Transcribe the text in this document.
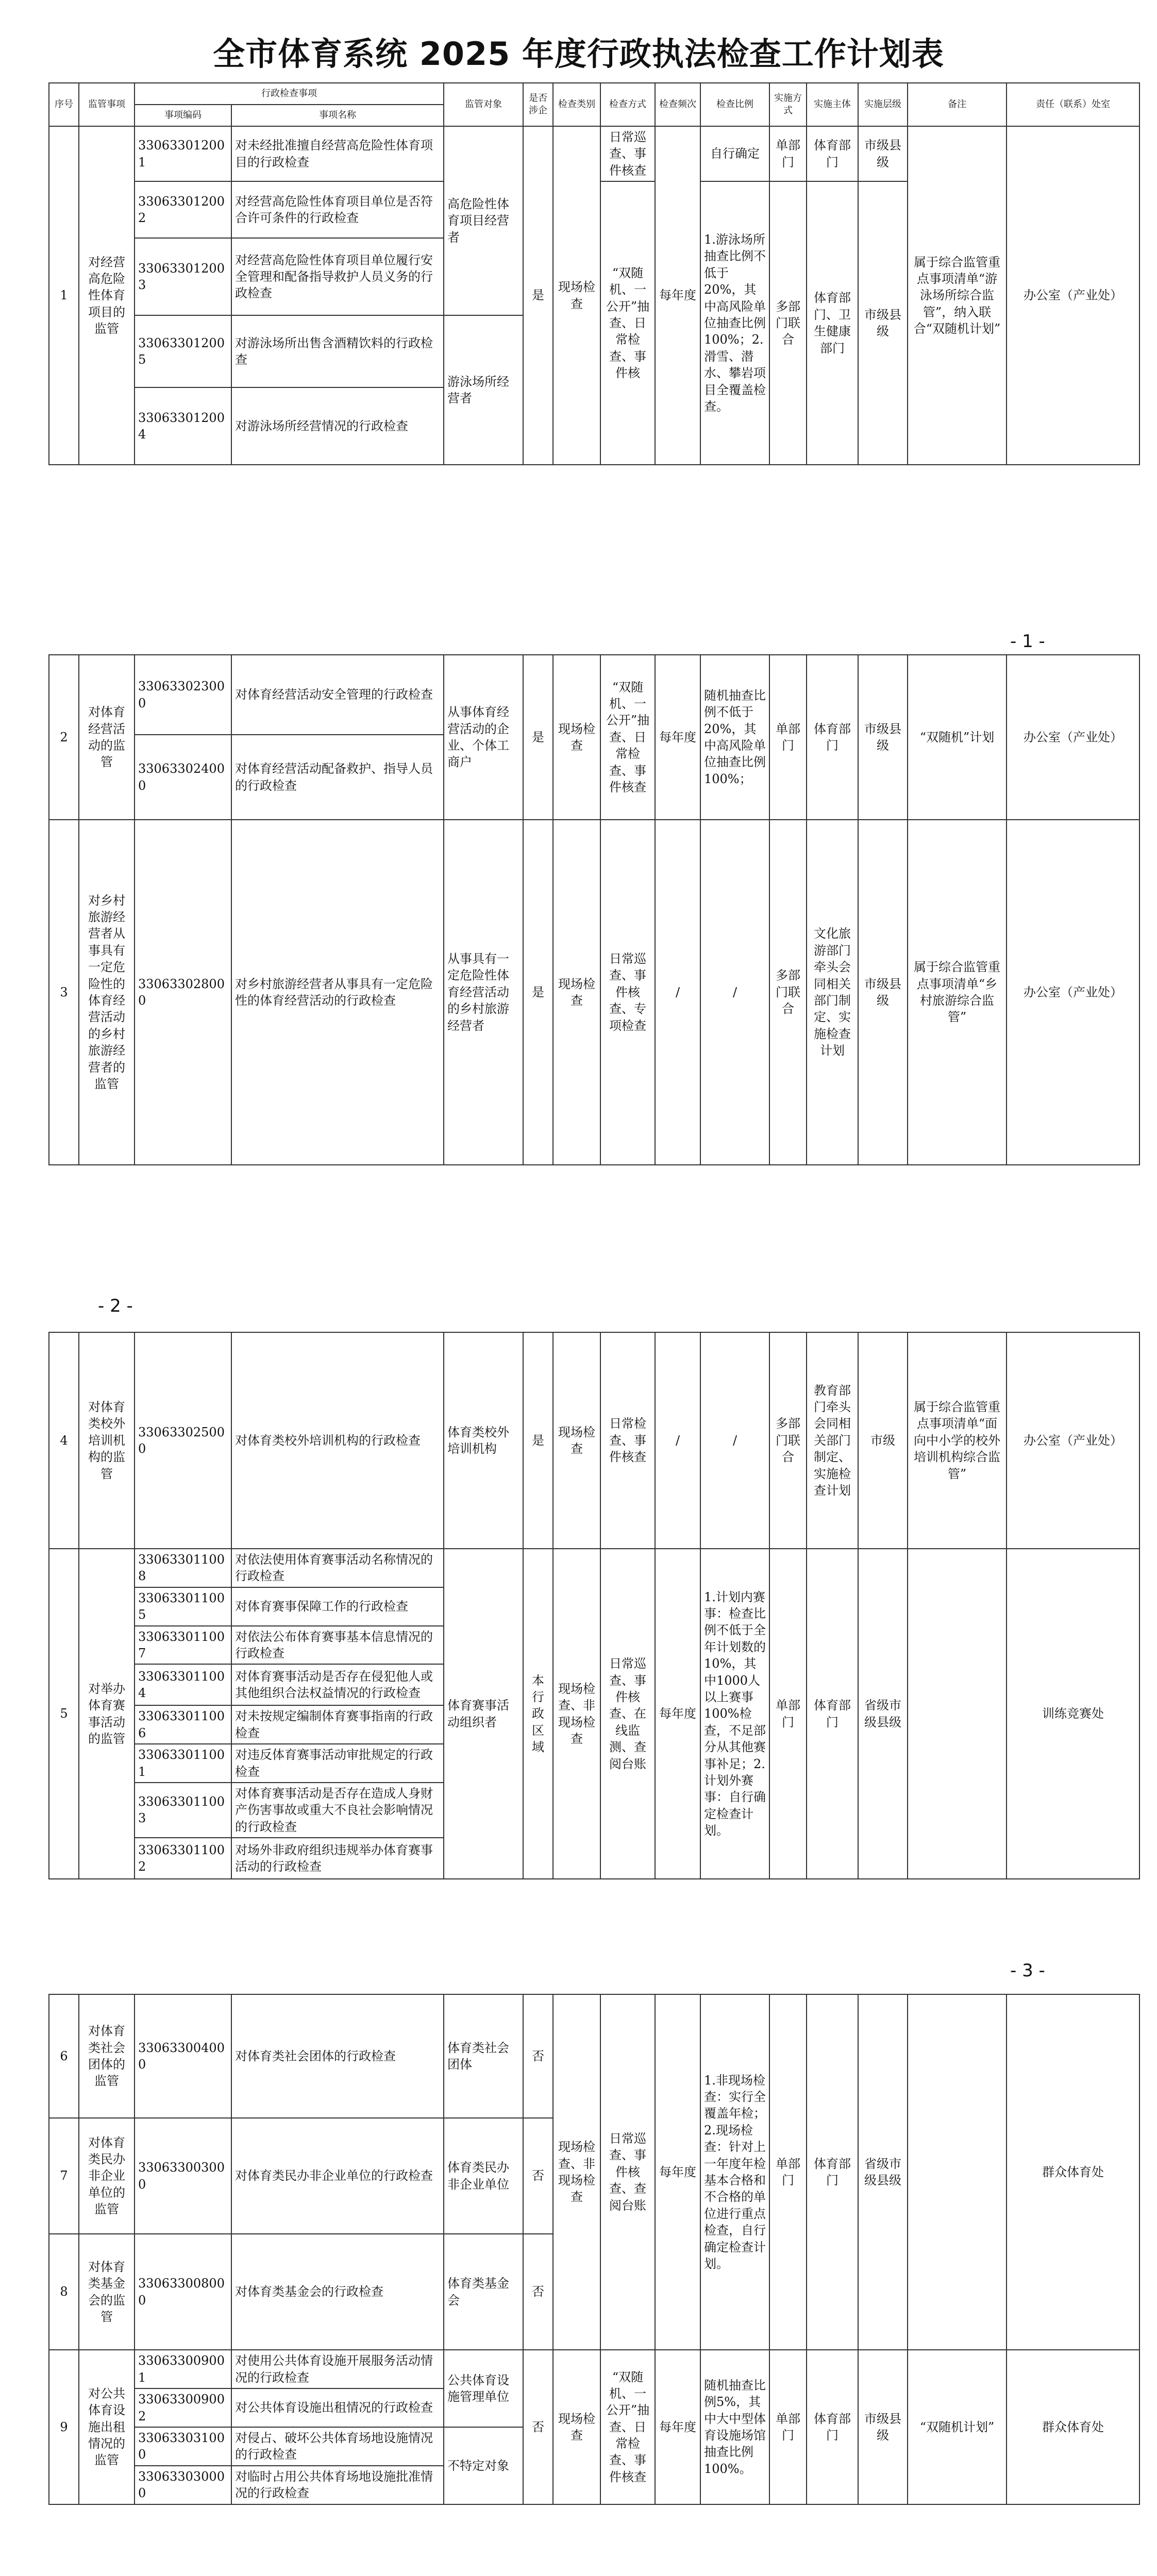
全市体育系统 2025 年度行政执法检查工作计划表
序号	监管事项	行政检查事项		监管对象	是否涉企	检查类别	检查方式	检查频次	检查比例	实施方式	实施主体	实施层级	备注	责任（联系）处室
		事项编码	事项名称											
1	对经营高危险性体育项目的监管	330633012001	对未经批准擅自经营高危险性体育项目的行政检查	高危险性体育项目经营者	是	现场检查	日常巡查、事件核查	每年度	自行确定	单部门	体育部门	市级县级	属于综合监管重点事项清单“游泳场所综合监管”，纳入联合“双随机计划”	办公室（产业处）
		330633012002	对经营高危险性体育项目单位是否符合许可条件的行政检查				“双随机、一公开”抽查、日常检查、事件核		1.游泳场所抽查比例不低于20%，其中高风险单位抽查比例100%；2.滑雪、潜水、攀岩项目全覆盖检查。	多部门联合	体育部门、卫生健康部门	市级县级		
		330633012003	对经营高危险性体育项目单位履行安全管理和配备指导救护人员义务的行政检查											
		330633012005	对游泳场所出售含酒精饮料的行政检查	游泳场所经营者										
		330633012004	对游泳场所经营情况的行政检查											
- 1 -
2	对体育经营活动的监管	330633023000	对体育经营活动安全管理的行政检查	从事体育经营活动的企业、个体工商户	是	现场检查	“双随机、一公开”抽查、日常检查、事件核查	每年度	随机抽查比例不低于20%，其中高风险单位抽查比例100%；	单部门	体育部门	市级县级	“双随机”计划	办公室（产业处）
		330633024000	对体育经营活动配备救护、指导人员的行政检查											
3	对乡村旅游经营者从事具有一定危险性的体育经营活动的乡村旅游经营者的监管	330633028000	对乡村旅游经营者从事具有一定危险性的体育经营活动的行政检查	从事具有一定危险性体育经营活动的乡村旅游经营者	是	现场检查	日常巡查、事件核查、专项检查	/	/	多部门联合	文化旅游部门牵头会同相关部门制定、实施检查计划	市级县级	属于综合监管重点事项清单“乡村旅游综合监管”	办公室（产业处）
- 2 -
4	对体育类校外培训机构的监管	330633025000	对体育类校外培训机构的行政检查	体育类校外培训机构	是	现场检查	日常检查、事件核查	/	/	多部门联合	教育部门牵头会同相关部门制定、实施检查计划	市级	属于综合监管重点事项清单“面向中小学的校外培训机构综合监管”	办公室（产业处）
5	对举办体育赛事活动的监管	330633011008	对依法使用体育赛事活动名称情况的行政检查	体育赛事活动组织者	本行政区域	现场检查、非现场检查	日常巡查、事件核查、在线监测、查阅台账	每年度	1.计划内赛事：检查比例不低于全年计划数的10%，其中1000人以上赛事100%检查，不足部分从其他赛事补足；2.计划外赛事：自行确定检查计划。	单部门	体育部门	省级市级县级		训练竞赛处
		330633011005	对体育赛事保障工作的行政检查											
		330633011007	对依法公布体育赛事基本信息情况的行政检查											
		330633011004	对体育赛事活动是否存在侵犯他人或其他组织合法权益情况的行政检查											
		330633011006	对未按规定编制体育赛事指南的行政检查											
		330633011001	对违反体育赛事活动审批规定的行政检查											
		330633011003	对体育赛事活动是否存在造成人身财产伤害事故或重大不良社会影响情况的行政检查											
		330633011002	对场外非政府组织违规举办体育赛事活动的行政检查											
- 3 -
6	对体育类社会团体的监管	330633004000	对体育类社会团体的行政检查	体育类社会团体	否	现场检查、非现场检查	日常巡查、事件核查、查阅台账	每年度	1.非现场检查：实行全覆盖年检；2.现场检查：针对上一年度年检基本合格和不合格的单位进行重点检查，自行确定检查计划。	单部门	体育部门	省级市级县级		群众体育处
7	对体育类民办非企业单位的监管	330633003000	对体育类民办非企业单位的行政检查	体育类民办非企业单位	否									
8	对体育类基金会的监管	330633008000	对体育类基金会的行政检查	体育类基金会	否									
9	对公共体育设施出租情况的监管	330633009001	对使用公共体育设施开展服务活动情况的行政检查	公共体育设施管理单位	否	现场检查	“双随机、一公开”抽查、日常检查、事件核查	每年度	随机抽查比例5%，其中大中型体育设施场馆抽查比例100%。	单部门	体育部门	市级县级	“双随机计划”	群众体育处
		330633009002	对公共体育设施出租情况的行政检查											
		330633031000	对侵占、破坏公共体育场地设施情况的行政检查	不特定对象										
		330633030000	对临时占用公共体育场地设施批准情况的行政检查											
